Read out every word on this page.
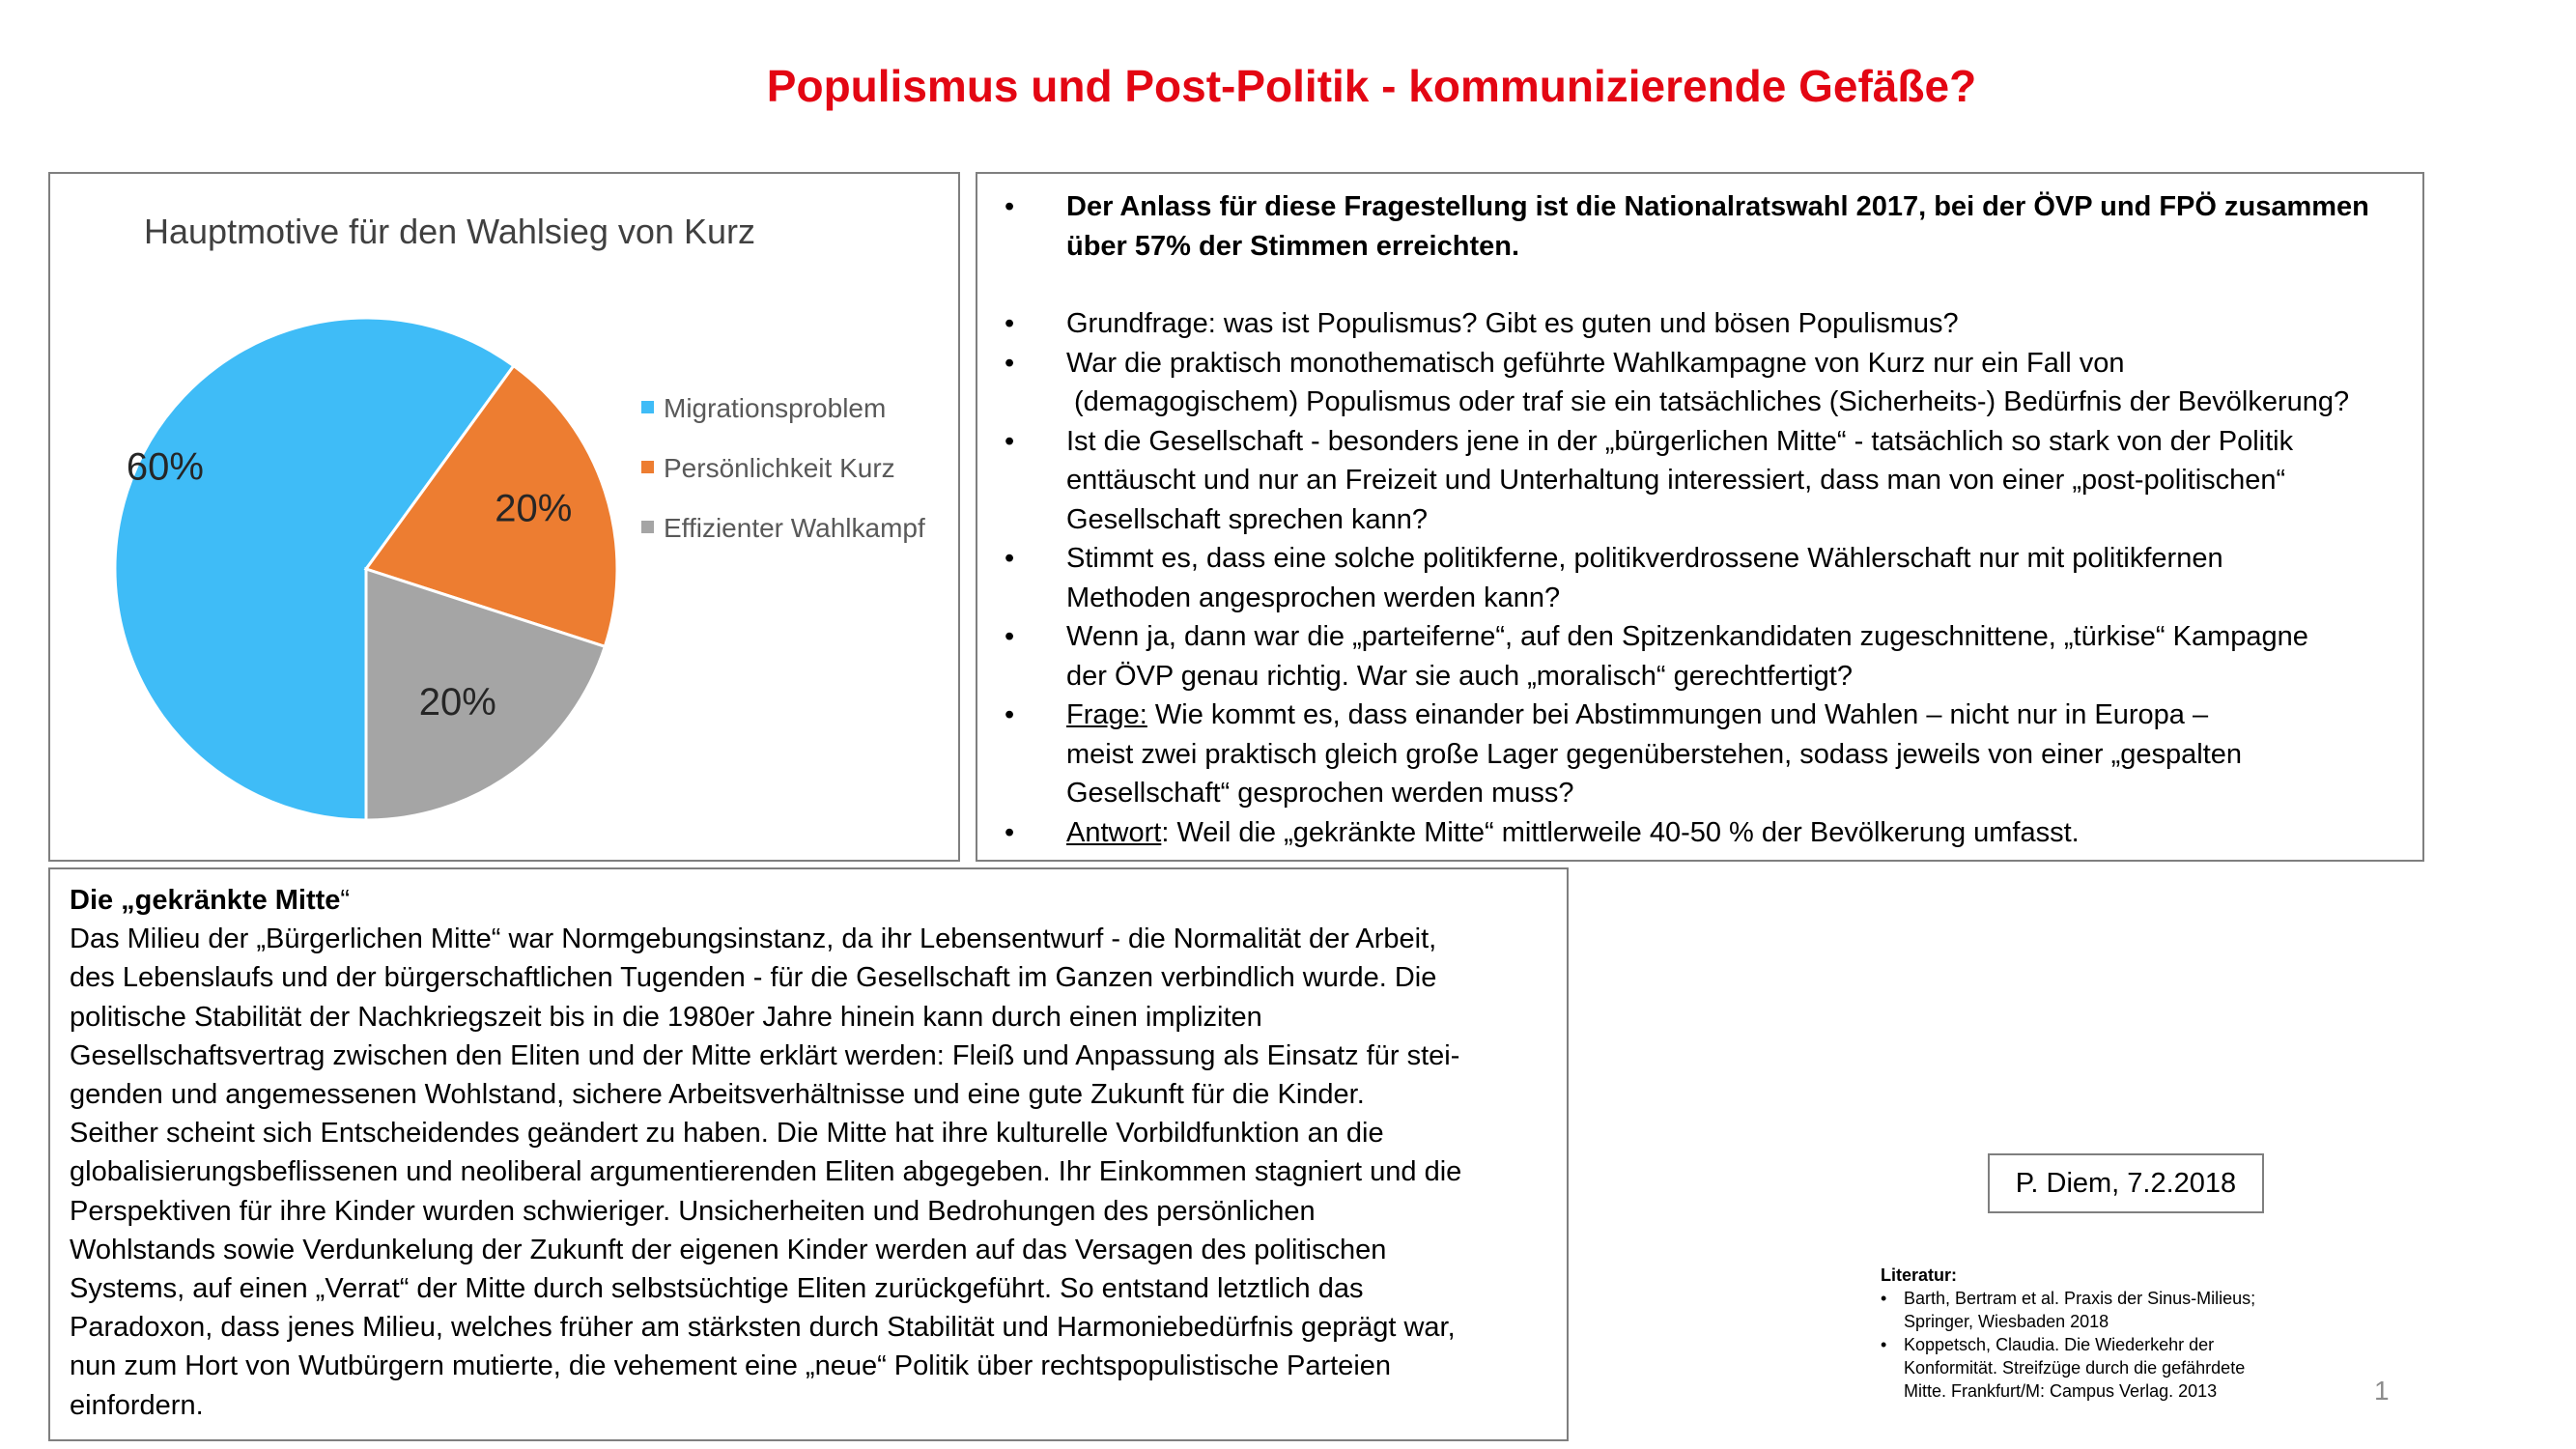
Populismus und Post-Politik - kommunizierende Gefäße?
Hauptmotive für den Wahlsieg von Kurz
60%
20%
20%
Migrationsproblem
Persönlichkeit Kurz
Effizienter Wahlkampf
• Der Anlass für diese Fragestellung ist die Nationalratswahl 2017, bei der ÖVP und FPÖ zusammen
über 57% der Stimmen erreichten.
• Grundfrage: was ist Populismus? Gibt es guten und bösen Populismus?
• War die praktisch monothematisch geführte Wahlkampagne von Kurz nur ein Fall von
(demagogischem) Populismus oder traf sie ein tatsächliches (Sicherheits-) Bedürfnis der Bevölkerung?
• Ist die Gesellschaft - besonders jene in der „bürgerlichen Mitte“ - tatsächlich so stark von der Politik
enttäuscht und nur an Freizeit und Unterhaltung interessiert, dass man von einer „post-politischen“
Gesellschaft sprechen kann?
• Stimmt es, dass eine solche politikferne, politikverdrossene Wählerschaft nur mit politikfernen
Methoden angesprochen werden kann?
• Wenn ja, dann war die „parteiferne“, auf den Spitzenkandidaten zugeschnittene, „türkise“ Kampagne
der ÖVP genau richtig. War sie auch „moralisch“ gerechtfertigt?
• Frage: Wie kommt es, dass einander bei Abstimmungen und Wahlen – nicht nur in Europa –
meist zwei praktisch gleich große Lager gegenüberstehen, sodass jeweils von einer „gespalten
Gesellschaft“ gesprochen werden muss?
• Antwort: Weil die „gekränkte Mitte“ mittlerweile 40-50 % der Bevölkerung umfasst.
Die „gekränkte Mitte“
Das Milieu der „Bürgerlichen Mitte“ war Normgebungsinstanz, da ihr Lebensentwurf - die Normalität der Arbeit,
des Lebenslaufs und der bürgerschaftlichen Tugenden - für die Gesellschaft im Ganzen verbindlich wurde. Die
politische Stabilität der Nachkriegszeit bis in die 1980er Jahre hinein kann durch einen impliziten
Gesellschaftsvertrag zwischen den Eliten und der Mitte erklärt werden: Fleiß und Anpassung als Einsatz für stei-
genden und angemessenen Wohlstand, sichere Arbeitsverhältnisse und eine gute Zukunft für die Kinder.
Seither scheint sich Entscheidendes geändert zu haben. Die Mitte hat ihre kulturelle Vorbildfunktion an die
globalisierungsbeflissenen und neoliberal argumentierenden Eliten abgegeben. Ihr Einkommen stagniert und die
Perspektiven für ihre Kinder wurden schwieriger. Unsicherheiten und Bedrohungen des persönlichen
Wohlstands sowie Verdunkelung der Zukunft der eigenen Kinder werden auf das Versagen des politischen
Systems, auf einen „Verrat“ der Mitte durch selbstsüchtige Eliten zurückgeführt. So entstand letztlich das
Paradoxon, dass jenes Milieu, welches früher am stärksten durch Stabilität und Harmoniebedürfnis geprägt war,
nun zum Hort von Wutbürgern mutierte, die vehement eine „neue“ Politik über rechtspopulistische Parteien
einfordern.
P. Diem, 7.2.2018
Literatur:
• Barth, Bertram et al. Praxis der Sinus-Milieus;
Springer, Wiesbaden 2018
• Koppetsch, Claudia. Die Wiederkehr der
Konformität. Streifzüge durch die gefährdete
Mitte. Frankfurt/M: Campus Verlag. 2013	1
